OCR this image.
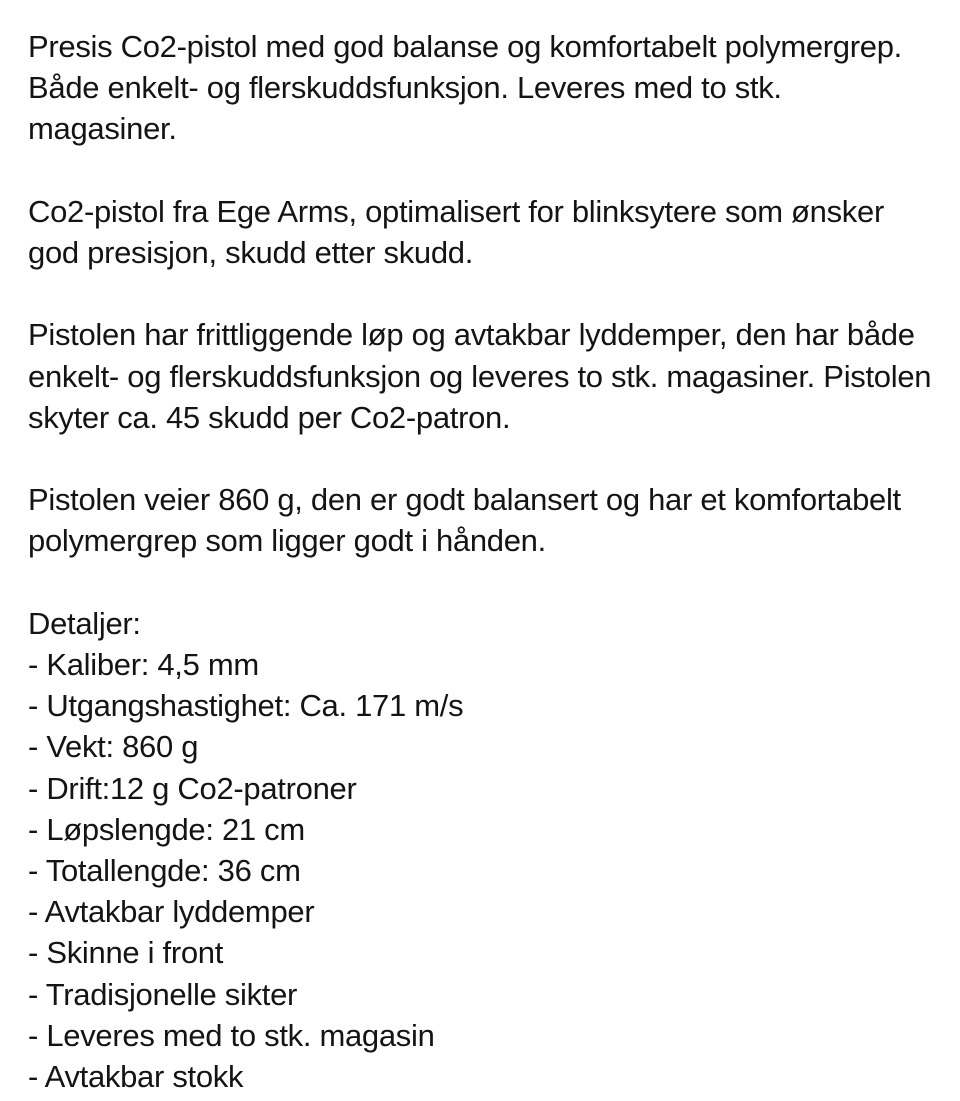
Presis Co2-pistol med god balanse og komfortabelt polymergrep. Både enkelt- og flerskuddsfunksjon. Leveres med to stk. magasiner.

Co2-pistol fra Ege Arms, optimalisert for blinksytere som ønsker god presisjon, skudd etter skudd.

Pistolen har frittliggende løp og avtakbar lyddemper, den har både enkelt- og flerskuddsfunksjon og leveres to stk. magasiner. Pistolen skyter ca. 45 skudd per Co2-patron.

Pistolen veier 860 g, den er godt balansert og har et komfortabelt polymergrep som ligger godt i hånden.

Detaljer:

- Kaliber: 4,5 mm
- Utgangshastighet: Ca. 171 m/s
- Vekt: 860 g
- Drift:12 g Co2-patroner
- Løpslengde: 21 cm
- Totallengde: 36 cm
- Avtakbar lyddemper
- Skinne i front
- Tradisjonelle sikter
- Leveres med to stk. magasin
- Avtakbar stokk
